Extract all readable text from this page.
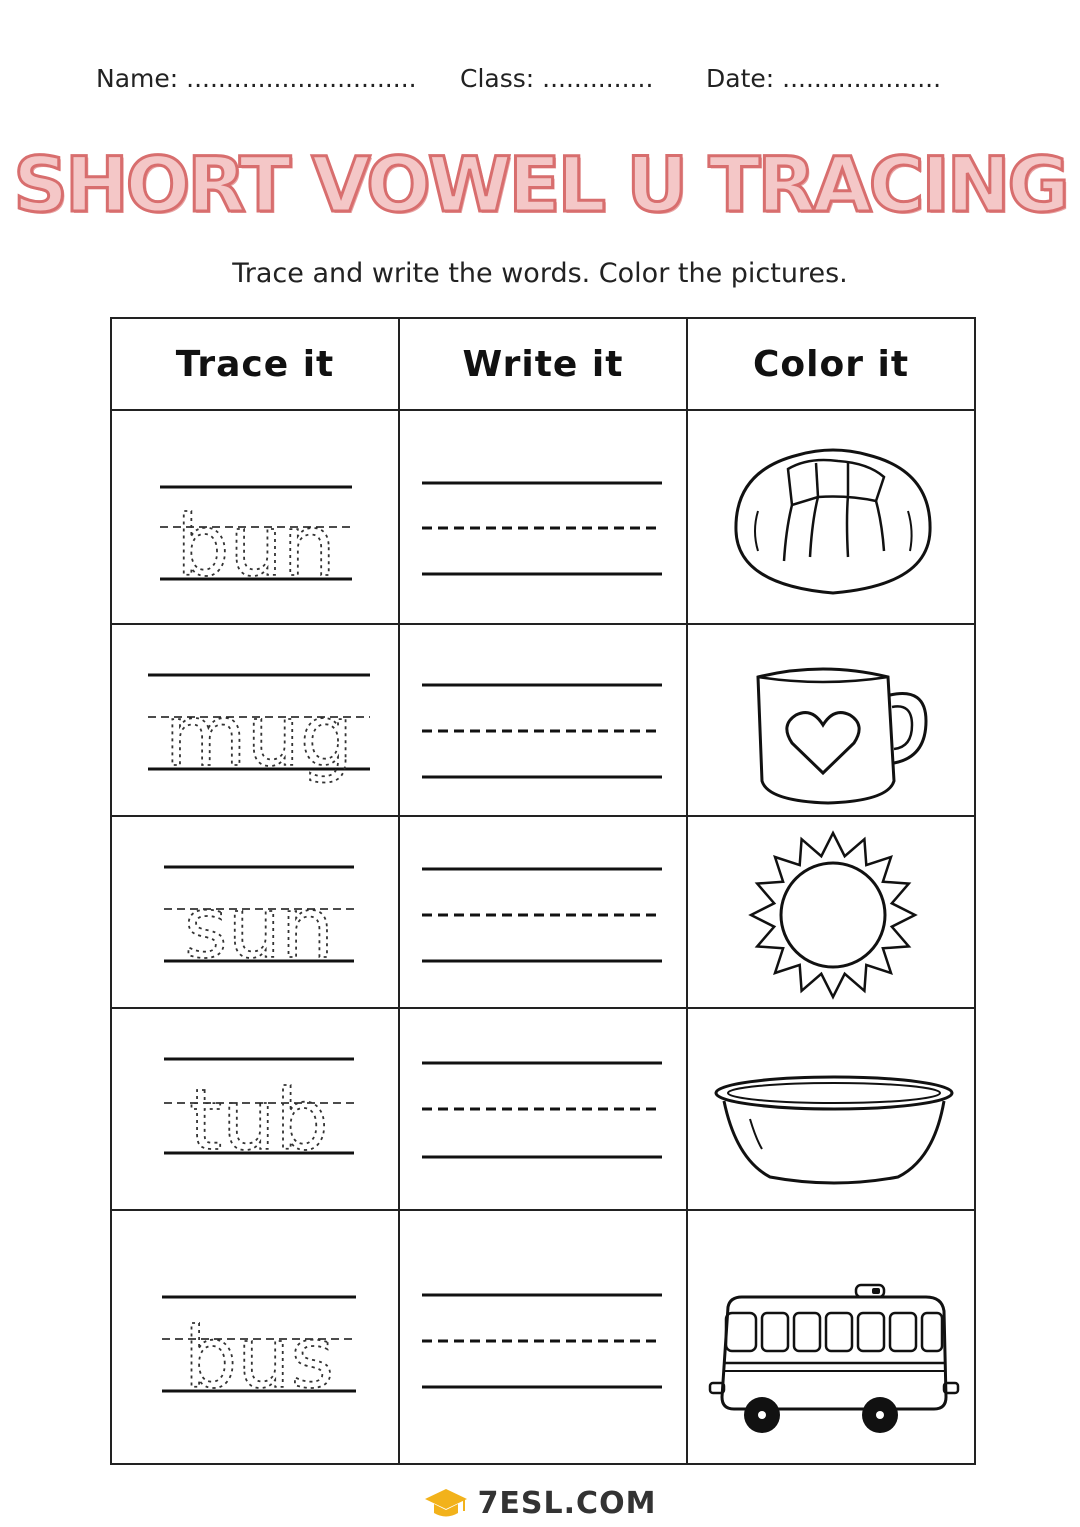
Name: ............................. Class: .............. Date: ....................
SHORT VOWEL U TRACING
Trace and write the words. Color the pictures.
Trace it	Write it	Color it

bun

mug

sun

tub

bus

7ESL.COM
